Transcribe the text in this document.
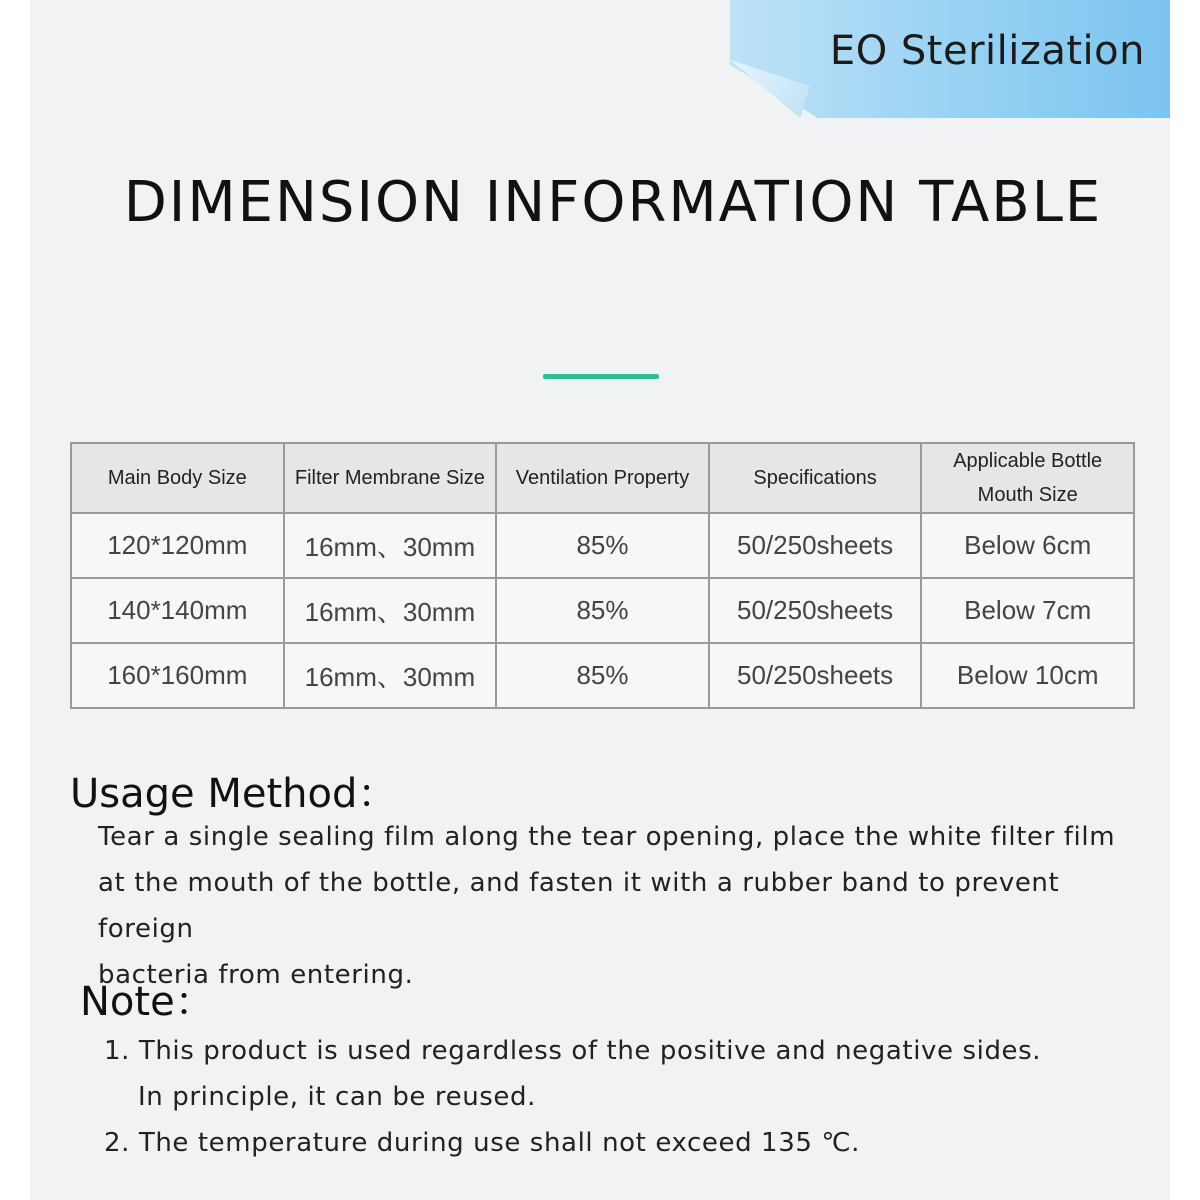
EO Sterilization
DIMENSION INFORMATION TABLE
Main Body Size	Filter Membrane Size	Ventilation Property	Specifications	Applicable Bottle Mouth Size
120*120mm	16mm、30mm	85%	50/250sheets	Below 6cm
140*140mm	16mm、30mm	85%	50/250sheets	Below 7cm
160*160mm	16mm、30mm	85%	50/250sheets	Below 10cm
Usage Method：
Tear a single sealing film along the tear opening, place the white filter film
at the mouth of the bottle, and fasten it with a rubber band to prevent foreign
bacteria from entering.
Note：
1. This product is used regardless of the positive and negative sides.
In principle, it can be reused.
2. The temperature during use shall not exceed 135 ℃.
